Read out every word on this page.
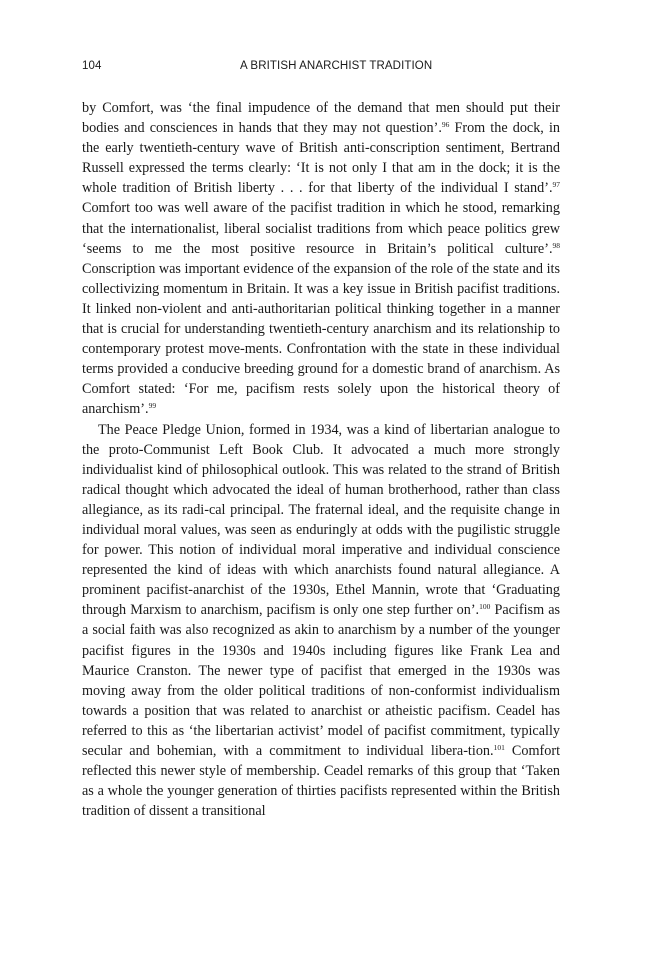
104	A BRITISH ANARCHIST TRADITION

by Comfort, was ‘the final impudence of the demand that men should put their bodies and consciences in hands that they may not question’.$^{96}$ From the dock, in the early twentieth-century wave of British anti-conscription sentiment, Bertrand Russell expressed the terms clearly: ‘It is not only I that am in the dock; it is the whole tradition of British liberty . . . for that liberty of the individual I stand’.$^{97}$ Comfort too was well aware of the pacifist tradition in which he stood, remarking that the internationalist, liberal socialist traditions from which peace politics grew ‘seems to me the most positive resource in Britain’s political culture’.$^{98}$ Conscription was important evidence of the expansion of the role of the state and its collectivizing momentum in Britain. It was a key issue in British pacifist traditions. It linked non-violent and anti-authoritarian political thinking together in a manner that is crucial for understanding twentieth-century anarchism and its relationship to contemporary protest move-ments. Confrontation with the state in these individual terms provided a conducive breeding ground for a domestic brand of anarchism. As Comfort stated: ‘For me, pacifism rests solely upon the historical theory of anarchism’.$^{99}$

The Peace Pledge Union, formed in 1934, was a kind of libertarian analogue to the proto-Communist Left Book Club. It advocated a much more strongly individualist kind of philosophical outlook. This was related to the strand of British radical thought which advocated the ideal of human brotherhood, rather than class allegiance, as its radi-cal principal. The fraternal ideal, and the requisite change in individual moral values, was seen as enduringly at odds with the pugilistic struggle for power. This notion of individual moral imperative and individual conscience represented the kind of ideas with which anarchists found natural allegiance. A prominent pacifist-anarchist of the 1930s, Ethel Mannin, wrote that ‘Graduating through Marxism to anarchism, pacifism is only one step further on’.$^{100}$ Pacifism as a social faith was also recognized as akin to anarchism by a number of the younger pacifist figures in the 1930s and 1940s including figures like Frank Lea and Maurice Cranston. The newer type of pacifist that emerged in the 1930s was moving away from the older political traditions of non-conformist individualism towards a position that was related to anarchist or atheistic pacifism. Ceadel has referred to this as ‘the libertarian activist’ model of pacifist commitment, typically secular and bohemian, with a commitment to individual libera-tion.$^{101}$ Comfort reflected this newer style of membership. Ceadel remarks of this group that ‘Taken as a whole the younger generation of thirties pacifists represented within the British tradition of dissent a transitional
